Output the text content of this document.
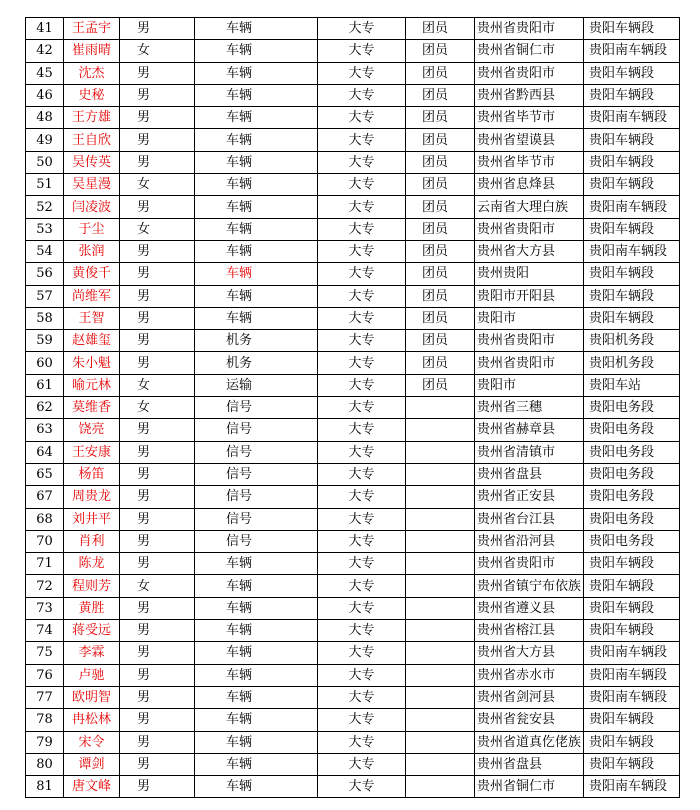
41	王孟宇	男	车辆	大专	团员	贵州省贵阳市	贵阳车辆段
42	崔雨晴	女	车辆	大专	团员	贵州省铜仁市	贵阳南车辆段
45	沈杰	男	车辆	大专	团员	贵州省贵阳市	贵阳车辆段
46	史秘	男	车辆	大专	团员	贵州省黔西县	贵阳车辆段
48	王方雄	男	车辆	大专	团员	贵州省毕节市	贵阳南车辆段
49	王自欣	男	车辆	大专	团员	贵州省望谟县	贵阳车辆段
50	吴传英	男	车辆	大专	团员	贵州省毕节市	贵阳车辆段
51	吴星漫	女	车辆	大专	团员	贵州省息烽县	贵阳车辆段
52	闫凌波	男	车辆	大专	团员	云南省大理白族	贵阳南车辆段
53	于尘	女	车辆	大专	团员	贵州省贵阳市	贵阳车辆段
54	张润	男	车辆	大专	团员	贵州省大方县	贵阳南车辆段
56	黄俊千	男	车辆	大专	团员	贵州贵阳	贵阳车辆段
57	尚维军	男	车辆	大专	团员	贵阳市开阳县	贵阳车辆段
58	王智	男	车辆	大专	团员	贵阳市	贵阳车辆段
59	赵雄玺	男	机务	大专	团员	贵州省贵阳市	贵阳机务段
60	朱小魁	男	机务	大专	团员	贵州省贵阳市	贵阳机务段
61	喻元林	女	运输	大专	团员	贵阳市	贵阳车站
62	莫维香	女	信号	大专		贵州省三穗	贵阳电务段
63	饶亮	男	信号	大专		贵州省赫章县	贵阳电务段
64	王安康	男	信号	大专		贵州省清镇市	贵阳电务段
65	杨笛	男	信号	大专		贵州省盘县	贵阳电务段
67	周贵龙	男	信号	大专		贵州省正安县	贵阳电务段
68	刘井平	男	信号	大专		贵州省台江县	贵阳电务段
70	肖利	男	信号	大专		贵州省沿河县	贵阳电务段
71	陈龙	男	车辆	大专		贵州省贵阳市	贵阳车辆段
72	程则芳	女	车辆	大专		贵州省镇宁布依族	贵阳车辆段
73	黄胜	男	车辆	大专		贵州省遵义县	贵阳车辆段
74	蒋受远	男	车辆	大专		贵州省榕江县	贵阳车辆段
75	李霖	男	车辆	大专		贵州省大方县	贵阳南车辆段
76	卢驰	男	车辆	大专		贵州省赤水市	贵阳南车辆段
77	欧明智	男	车辆	大专		贵州省剑河县	贵阳南车辆段
78	冉松林	男	车辆	大专		贵州省瓮安县	贵阳车辆段
79	宋令	男	车辆	大专		贵州省道真仡佬族	贵阳车辆段
80	谭剑	男	车辆	大专		贵州省盘县	贵阳车辆段
81	唐文峰	男	车辆	大专		贵州省铜仁市	贵阳南车辆段
